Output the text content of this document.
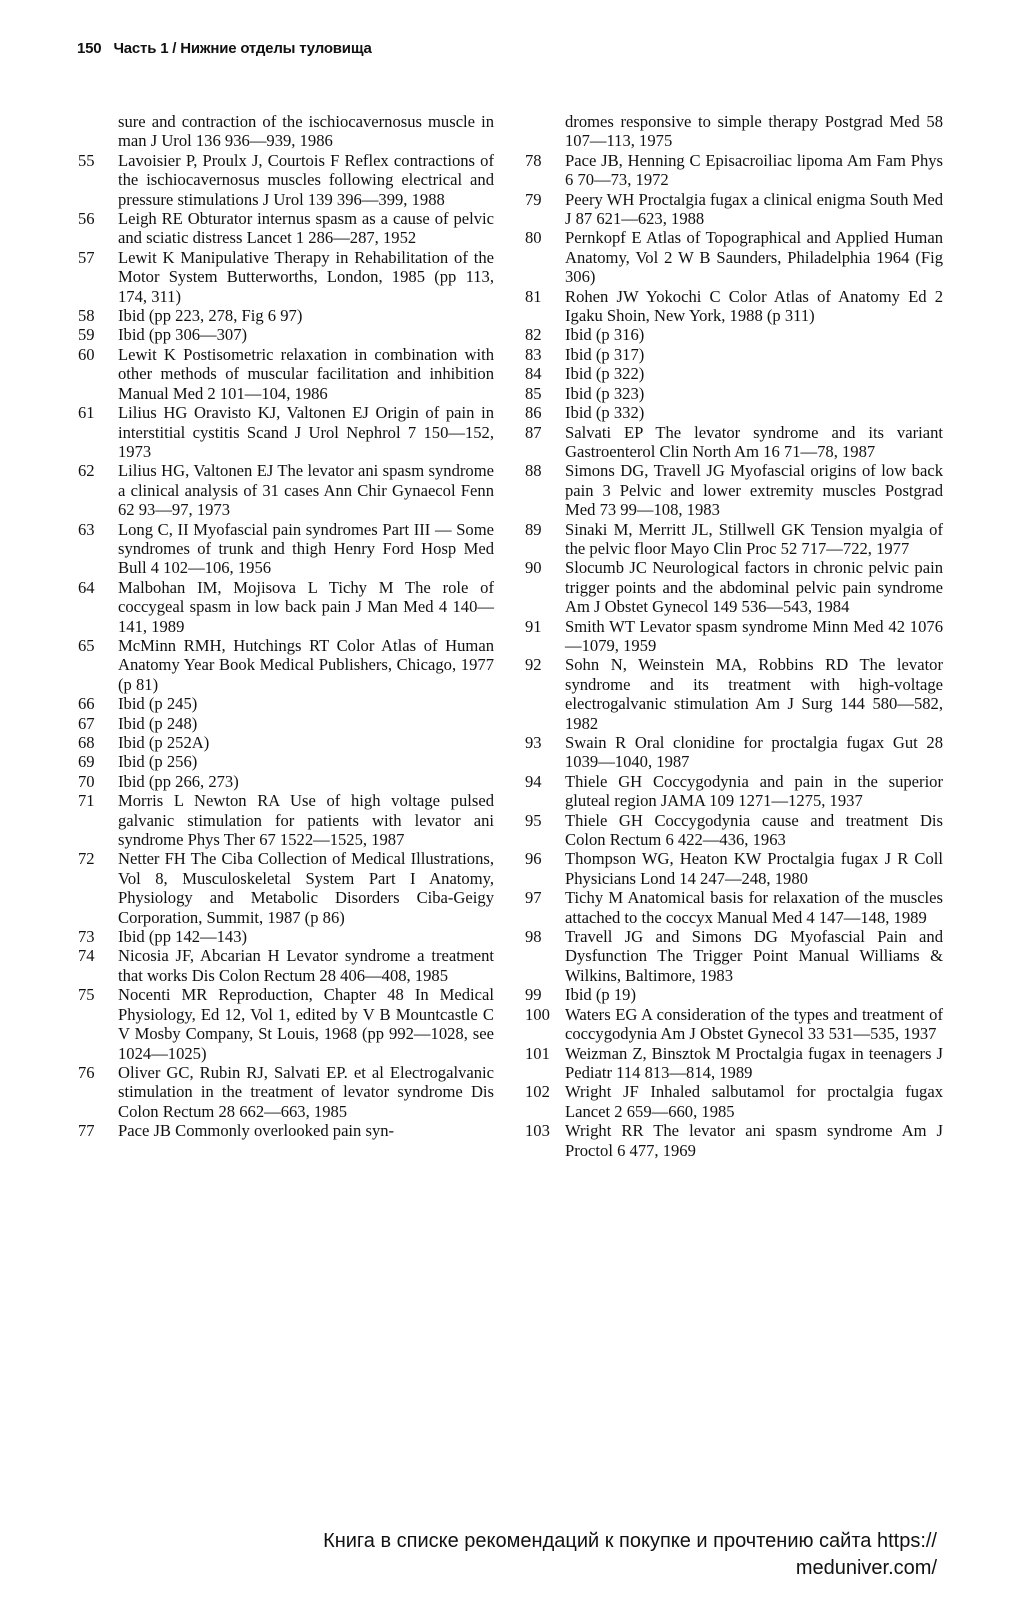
150 Часть 1 / Нижние отделы туловища
sure and contraction of the ischiocavernosus muscle in man J Urol 136 936—939, 1986
55	Lavoisier P, Proulx J, Courtois F Reflex contractions of the ischiocavernosus muscles following electrical and pressure stimulations J Urol 139 396—399, 1988
56	Leigh RE Obturator internus spasm as a cause of pelvic and sciatic distress Lancet 1 286—287, 1952
57	Lewit K Manipulative Therapy in Rehabilitation of the Motor System Butterworths, London, 1985 (pp 113, 174, 311)
58	Ibid (pp 223, 278, Fig 6 97)
59	Ibid (pp 306—307)
60	Lewit K Postisometric relaxation in combination with other methods of muscular facilitation and inhibition Manual Med 2 101—104, 1986
61	Lilius HG Oravisto KJ, Valtonen EJ Origin of pain in interstitial cystitis Scand J Urol Nephrol 7 150—152, 1973
62	Lilius HG, Valtonen EJ The levator ani spasm syndrome a clinical analysis of 31 cases Ann Chir Gynaecol Fenn 62 93—97, 1973
63	Long C, II Myofascial pain syndromes Part III — Some syndromes of trunk and thigh Henry Ford Hosp Med Bull 4 102—106, 1956
64	Malbohan IM, Mojisova L Tichy M The role of coccygeal spasm in low back pain J Man Med 4 140—141, 1989
65	McMinn RMH, Hutchings RT Color Atlas of Human Anatomy Year Book Medical Publishers, Chicago, 1977 (p 81)
66	Ibid (p 245)
67	Ibid (p 248)
68	Ibid (p 252A)
69	Ibid (p 256)
70	Ibid (pp 266, 273)
71	Morris L Newton RA Use of high voltage pulsed galvanic stimulation for patients with levator ani syndrome Phys Ther 67 1522—1525, 1987
72	Netter FH The Ciba Collection of Medical Illustrations, Vol 8, Musculoskeletal System Part I Anatomy, Physiology and Metabolic Disorders Ciba-Geigy Corporation, Summit, 1987 (p 86)
73	Ibid (pp 142—143)
74	Nicosia JF, Abcarian H Levator syndrome a treatment that works Dis Colon Rectum 28 406—408, 1985
75	Nocenti MR Reproduction, Chapter 48 In Medical Physiology, Ed 12, Vol 1, edited by V B Mountcastle C V Mosby Company, St Louis, 1968 (pp 992—1028, see 1024—1025)
76	Oliver GC, Rubin RJ, Salvati EP. et al Electrogalvanic stimulation in the treatment of levator syndrome Dis Colon Rectum 28 662—663, 1985
77	Pace JB Commonly overlooked pain syn-
dromes responsive to simple therapy Postgrad Med 58 107—113, 1975
78	Pace JB, Henning C Episacroiliac lipoma Am Fam Phys 6 70—73, 1972
79	Peery WH Proctalgia fugax a clinical enigma South Med J 87 621—623, 1988
80	Pernkopf E Atlas of Topographical and Applied Human Anatomy, Vol 2 W B Saunders, Philadelphia 1964 (Fig 306)
81	Rohen JW Yokochi C Color Atlas of Anatomy Ed 2 Igaku Shoin, New York, 1988 (p 311)
82	Ibid (p 316)
83	Ibid (p 317)
84	Ibid (p 322)
85	Ibid (p 323)
86	Ibid (p 332)
87	Salvati EP The levator syndrome and its variant Gastroenterol Clin North Am 16 71—78, 1987
88	Simons DG, Travell JG Myofascial origins of low back pain 3 Pelvic and lower extremity muscles Postgrad Med 73 99—108, 1983
89	Sinaki M, Merritt JL, Stillwell GK Tension myalgia of the pelvic floor Mayo Clin Proc 52 717—722, 1977
90	Slocumb JC Neurological factors in chronic pelvic pain trigger points and the abdominal pelvic pain syndrome Am J Obstet Gynecol 149 536—543, 1984
91	Smith WT Levator spasm syndrome Minn Med 42 1076—1079, 1959
92	Sohn N, Weinstein MA, Robbins RD The levator syndrome and its treatment with high-voltage electrogalvanic stimulation Am J Surg 144 580—582, 1982
93	Swain R Oral clonidine for proctalgia fugax Gut 28 1039—1040, 1987
94	Thiele GH Coccygodynia and pain in the superior gluteal region JAMA 109 1271—1275, 1937
95	Thiele GH Coccygodynia cause and treatment Dis Colon Rectum 6 422—436, 1963
96	Thompson WG, Heaton KW Proctalgia fugax J R Coll Physicians Lond 14 247—248, 1980
97	Tichy M Anatomical basis for relaxation of the muscles attached to the coccyx Manual Med 4 147—148, 1989
98	Travell JG and Simons DG Myofascial Pain and Dysfunction The Trigger Point Manual Williams & Wilkins, Baltimore, 1983
99	Ibid (p 19)
100 Waters EG A consideration of the types and treatment of coccygodynia Am J Obstet Gynecol 33 531—535, 1937
101 Weizman Z, Binsztok M Proctalgia fugax in teenagers J Pediatr 114 813—814, 1989
102 Wright JF Inhaled salbutamol for proctalgia fugax Lancet 2 659—660, 1985
103 Wright RR The levator ani spasm syndrome Am J Proctol 6 477, 1969
Книга в списке рекомендаций к покупке и прочтению сайта https://
meduniver.com/
